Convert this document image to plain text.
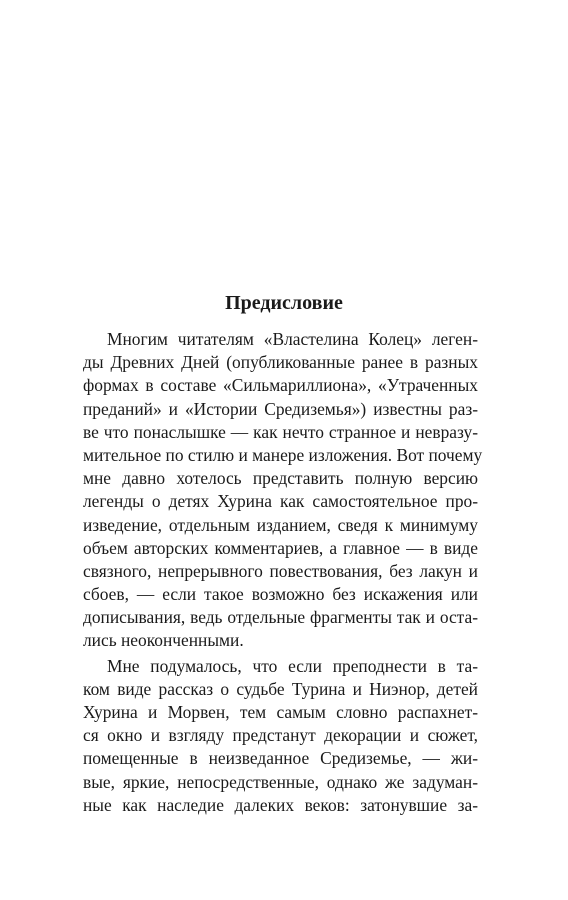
Предисловие
Многим читателям «Властелина Колец» леген-
ды Древних Дней (опубликованные ранее в разных
формах в составе «Сильмариллиона», «Утраченных
преданий» и «Истории Средиземья») известны раз-
ве что понаслышке — как нечто странное и невразу-
мительное по стилю и манере изложения. Вот почему
мне давно хотелось представить полную версию
легенды о детях Хурина как самостоятельное про-
изведение, отдельным изданием, сведя к минимуму
объем авторских комментариев, а главное — в виде
связного, непрерывного повествования, без лакун и
сбоев, — если такое возможно без искажения или
дописывания, ведь отдельные фрагменты так и оста-
лись неоконченными.
Мне подумалось, что если преподнести в та-
ком виде рассказ о судьбе Турина и Ниэнор, детей
Хурина и Морвен, тем самым словно распахнет-
ся окно и взгляду предстанут декорации и сюжет,
помещенные в неизведанное Средиземье, — жи-
вые, яркие, непосредственные, однако же задуман-
ные как наследие далеких веков: затонувшие за-
